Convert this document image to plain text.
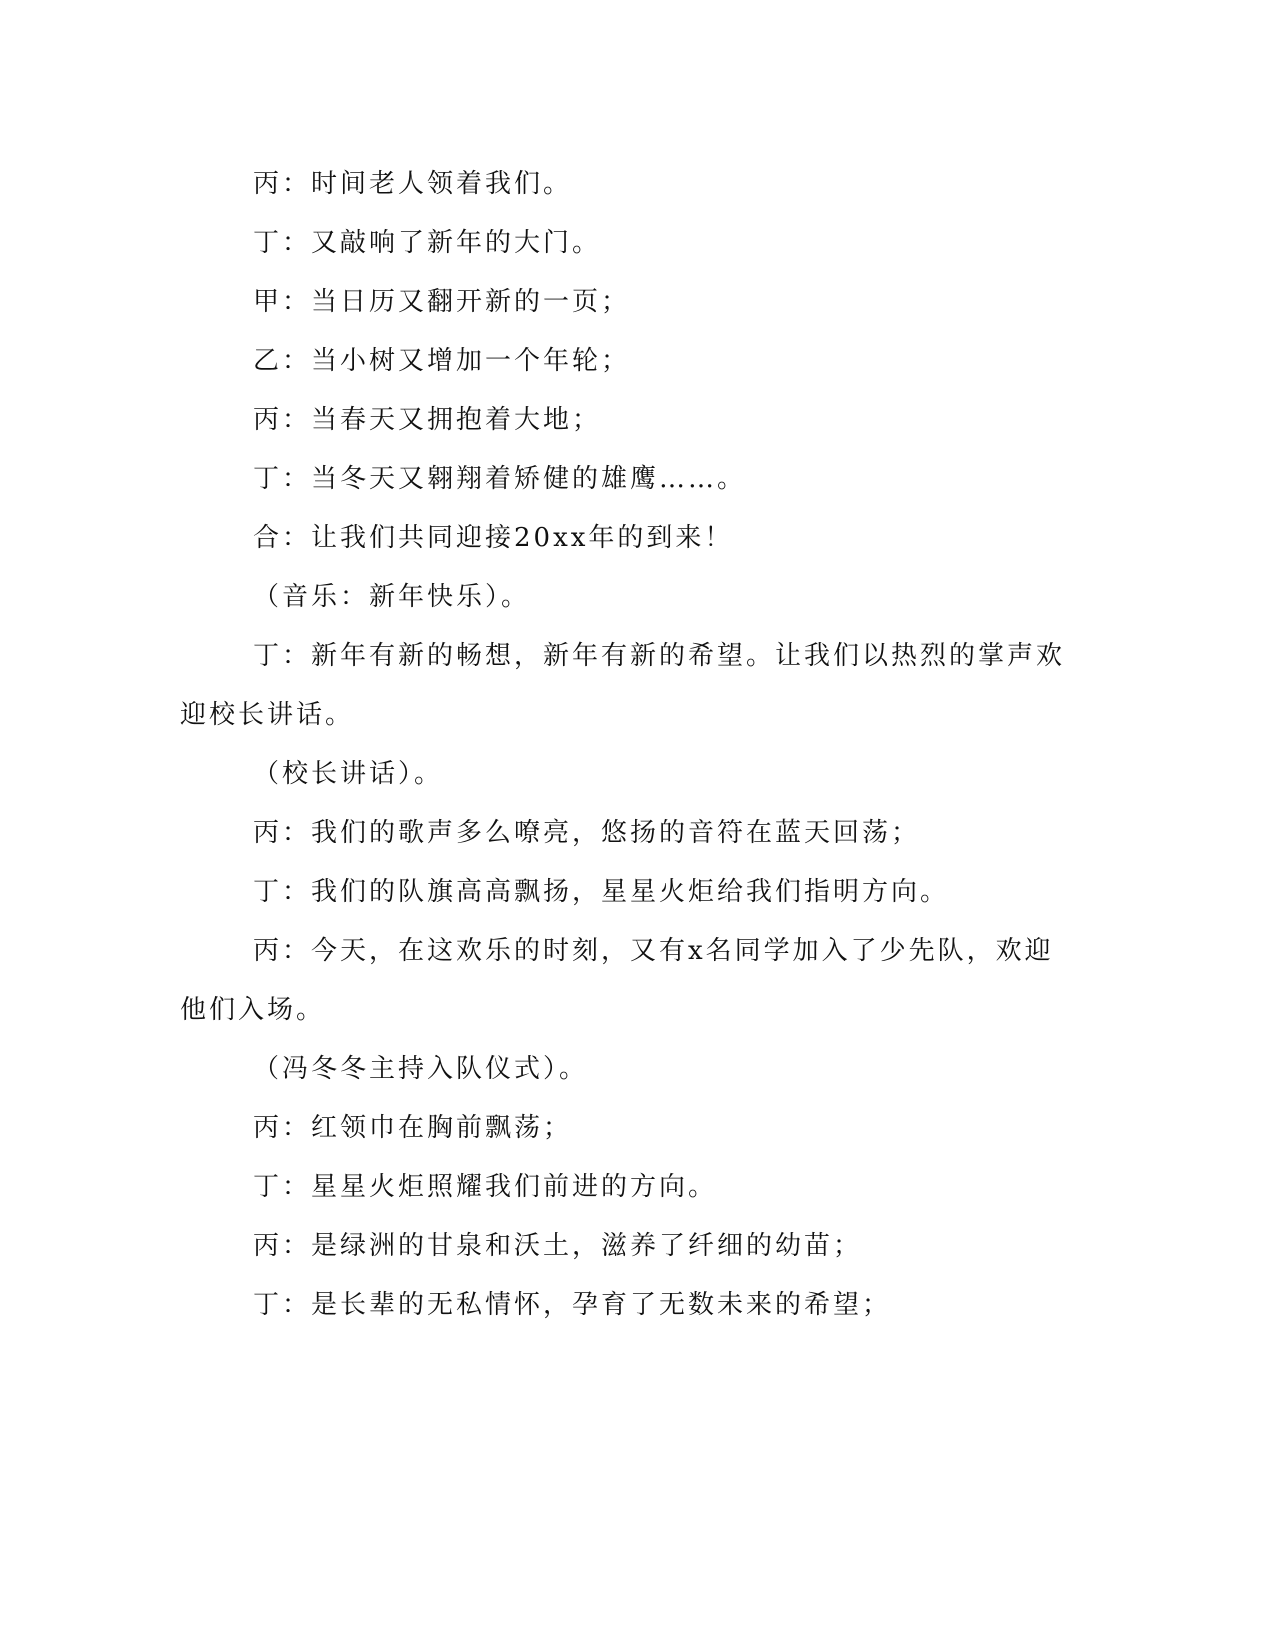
丙：时间老人领着我们。
丁：又敲响了新年的大门。
甲：当日历又翻开新的一页；
乙：当小树又增加一个年轮；
丙：当春天又拥抱着大地；
丁：当冬天又翱翔着矫健的雄鹰……。
合：让我们共同迎接20xx年的到来！
（音乐：新年快乐）。
丁：新年有新的畅想，新年有新的希望。让我们以热烈的掌声欢
迎校长讲话。
（校长讲话）。
丙：我们的歌声多么嘹亮，悠扬的音符在蓝天回荡；
丁：我们的队旗高高飘扬，星星火炬给我们指明方向。
丙：今天，在这欢乐的时刻，又有x名同学加入了少先队，欢迎
他们入场。
（冯冬冬主持入队仪式）。
丙：红领巾在胸前飘荡；
丁：星星火炬照耀我们前进的方向。
丙：是绿洲的甘泉和沃土，滋养了纤细的幼苗；
丁：是长辈的无私情怀，孕育了无数未来的希望；
